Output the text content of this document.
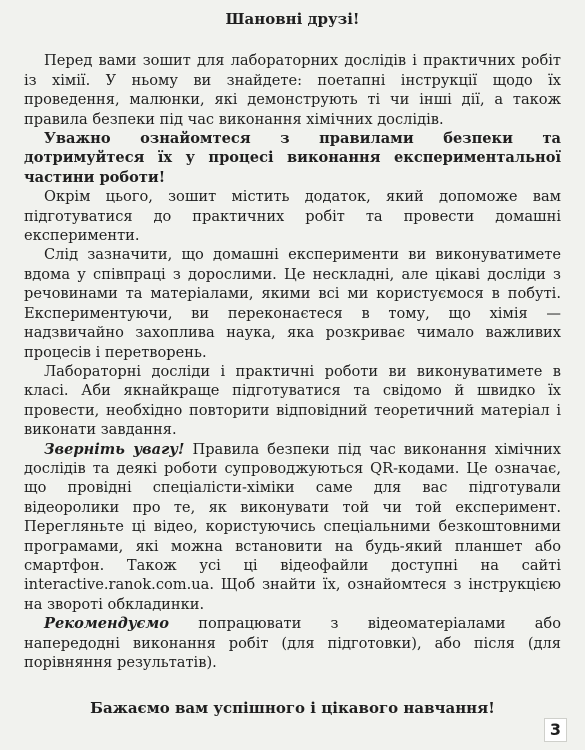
Шановні друзі!

Перед вами зошит для лабораторних дослідів і практичних робіт із хімії. У ньому ви знайдете: поетапні інструкції щодо їх проведення, малюнки, які демонструють ті чи інші дії, а також правила безпеки під час виконання хімічних дослідів.

Уважно ознайомтеся з правилами безпеки та дотримуйтеся їх у процесі виконання експериментальної частини роботи!

Окрім цього, зошит містить додаток, який допоможе вам підготуватися до практичних робіт та провести домашні експерименти.

Слід зазначити, що домашні експерименти ви виконуватимете вдома у співпраці з дорослими. Це нескладні, але цікаві досліди з речовинами та матеріалами, якими всі ми користуємося в побуті. Експериментуючи, ви переконаєтеся в тому, що хімія — надзвичайно захоплива наука, яка розкриває чимало важливих процесів і перетворень.

Лабораторні досліди і практичні роботи ви виконуватимете в класі. Аби якнайкраще підготуватися та свідомо й швидко їх провести, необхідно повторити відповідний теоретичний матеріал і виконати завдання.

Зверніть увагу! Правила безпеки під час виконання хімічних дослідів та деякі роботи супроводжуються QR-кодами. Це означає, що провідні спеціалісти-хіміки саме для вас підготували відеоролики про те, як виконувати той чи той експеримент. Перегляньте ці відео, користуючись спеціальними безкоштовними програмами, які можна встановити на будь-який планшет або смартфон. Також усі ці відеофайли доступні на сайті interactive.ranok.com.ua. Щоб знайти їх, ознайомтеся з інструкцією на звороті обкладинки.

Рекомендуємо попрацювати з відеоматеріалами або напередодні виконання робіт (для підготовки), або після (для порівняння результатів).

Бажаємо вам успішного і цікавого навчання!
3
